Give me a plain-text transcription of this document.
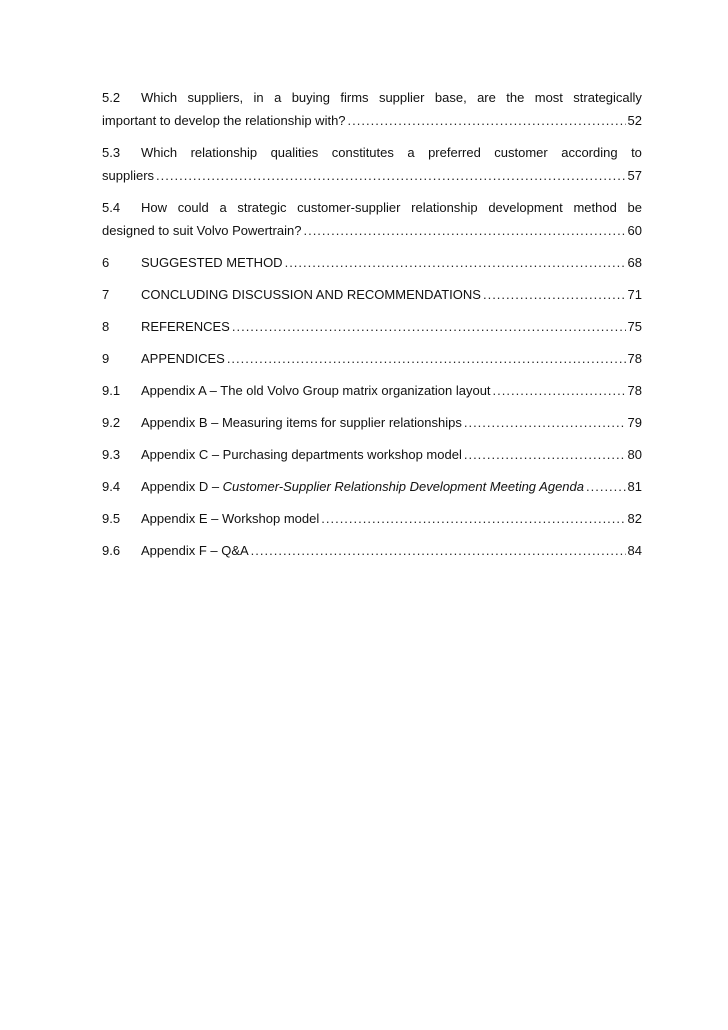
5.2	Which suppliers, in a buying firms supplier base, are the most strategically
important to develop the relationship with? .....	52
5.3	Which relationship qualities constitutes a preferred customer according to
suppliers .....	57
5.4	How could a strategic customer-supplier relationship development method be
designed to suit Volvo Powertrain? .....	60
6	SUGGESTED METHOD .....	68
7	CONCLUDING DISCUSSION AND RECOMMENDATIONS .....	71
8	REFERENCES .....	75
9	APPENDICES .....	78
9.1	Appendix A – The old Volvo Group matrix organization layout .....	78
9.2	Appendix B – Measuring items for supplier relationships .....	79
9.3	Appendix C – Purchasing departments workshop model .....	80
9.4	Appendix D – Customer-Supplier Relationship Development Meeting Agenda .....	81
9.5	Appendix E – Workshop model .....	82
9.6	Appendix F – Q&A .....	84
